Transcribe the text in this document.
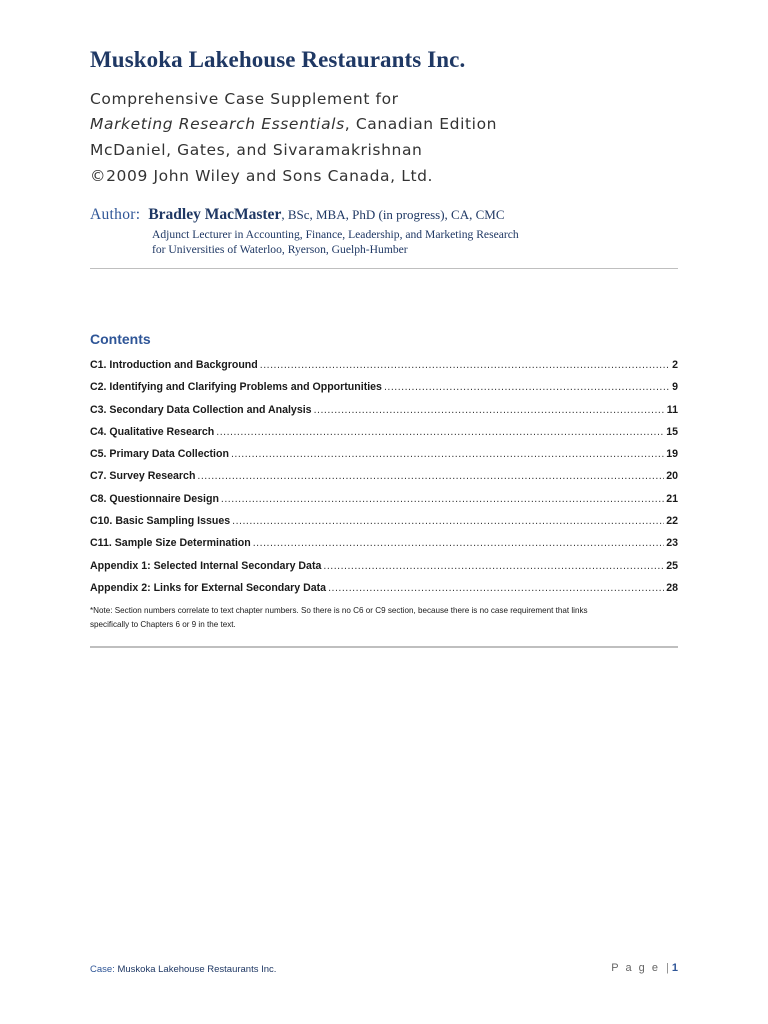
Muskoka Lakehouse Restaurants Inc.
Comprehensive Case Supplement for
Marketing Research Essentials, Canadian Edition
McDaniel, Gates, and Sivaramakrishnan
©2009 John Wiley and Sons Canada, Ltd.
Author: Bradley MacMaster, BSc, MBA, PhD (in progress), CA, CMC
Adjunct Lecturer in Accounting, Finance, Leadership, and Marketing Research
for Universities of Waterloo, Ryerson, Guelph-Humber
Contents
C1. Introduction and Background .....	2
C2. Identifying and Clarifying Problems and Opportunities .....	9
C3. Secondary Data Collection and Analysis .....	11
C4. Qualitative Research .....	15
C5. Primary Data Collection .....	19
C7. Survey Research .....	20
C8. Questionnaire Design .....	21
C10. Basic Sampling Issues .....	22
C11. Sample Size Determination .....	23
Appendix 1: Selected Internal Secondary Data .....	25
Appendix 2: Links for External Secondary Data .....	28
*Note: Section numbers correlate to text chapter numbers. So there is no C6 or C9 section, because there is no case requirement that links
specifically to Chapters 6 or 9 in the text.
Case: Muskoka Lakehouse Restaurants Inc.	P a g e |1
